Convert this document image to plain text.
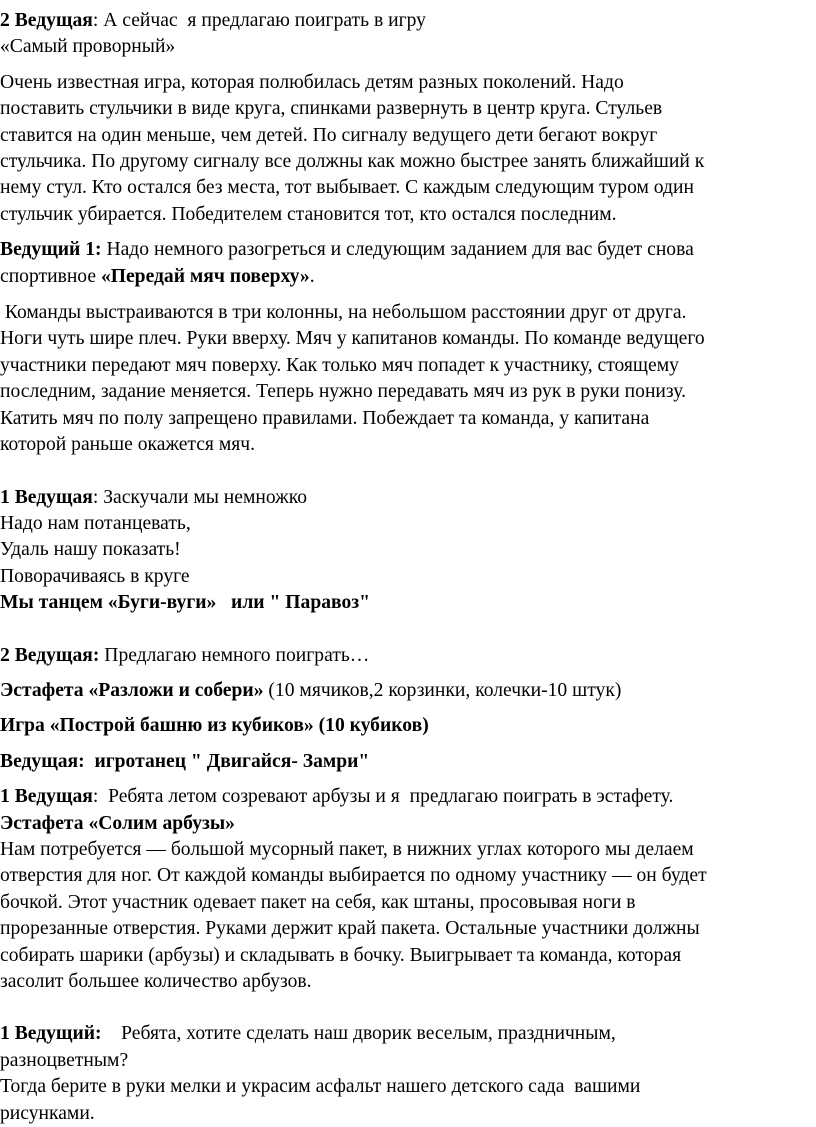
2 Ведущая: А сейчас  я предлагаю поиграть в игру
«Самый проворный»
Очень известная игра, которая полюбилась детям разных поколений. Надо
поставить стульчики в виде круга, спинками развернуть в центр круга. Стульев
ставится на один меньше, чем детей. По сигналу ведущего дети бегают вокруг
стульчика. По другому сигналу все должны как можно быстрее занять ближайший к
нему стул. Кто остался без места, тот выбывает. С каждым следующим туром один
стульчик убирается. Победителем становится тот, кто остался последним.
Ведущий 1: Надо немного разогреться и следующим заданием для вас будет снова
спортивное «Передай мяч поверху».
Команды выстраиваются в три колонны, на небольшом расстоянии друг от друга.
Ноги чуть шире плеч. Руки вверху. Мяч у капитанов команды. По команде ведущего
участники передают мяч поверху. Как только мяч попадет к участнику, стоящему
последним, задание меняется. Теперь нужно передавать мяч из рук в руки понизу.
Катить мяч по полу запрещено правилами. Побеждает та команда, у капитана
которой раньше окажется мяч.
1 Ведущая: Заскучали мы немножко
Надо нам потанцевать,
Удаль нашу показать!
Поворачиваясь в круге
Мы танцем «Буги-вуги»   или " Паравоз"
2 Ведущая: Предлагаю немного поиграть…
Эстафета «Разложи и собери» (10 мячиков,2 корзинки, колечки-10 штук)
Игра «Построй башню из кубиков» (10 кубиков)
Ведущая:  игротанец " Двигайся- Замри"
1 Ведущая:  Ребята летом созревают арбузы и я  предлагаю поиграть в эстафету.
Эстафета «Солим арбузы»
Нам потребуется — большой мусорный пакет, в нижних углах которого мы делаем
отверстия для ног. От каждой команды выбирается по одному участнику — он будет
бочкой. Этот участник одевает пакет на себя, как штаны, просовывая ноги в
прорезанные отверстия. Руками держит край пакета. Остальные участники должны
собирать шарики (арбузы) и складывать в бочку. Выигрывает та команда, которая
засолит большее количество арбузов.
1 Ведущий:    Ребята, хотите сделать наш дворик веселым, праздничным,
разноцветным?
Тогда берите в руки мелки и украсим асфальт нашего детского сада  вашими
рисунками.
